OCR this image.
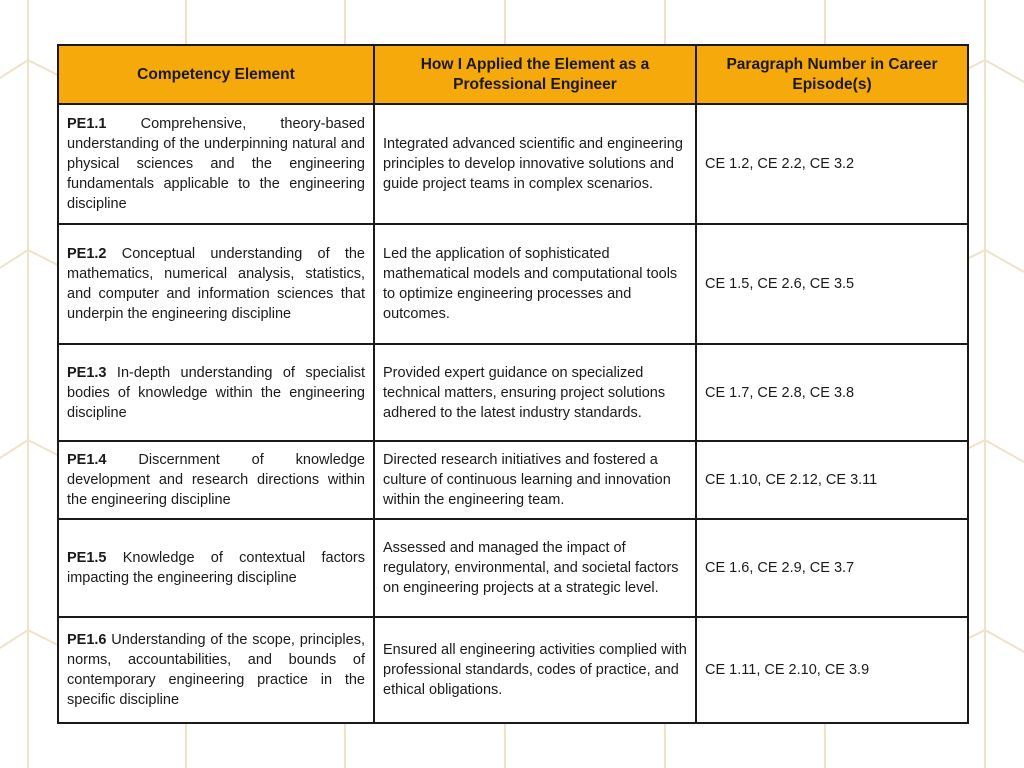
Competency Element	How I Applied the Element as a Professional Engineer	Paragraph Number in Career Episode(s)
PE1.1 Comprehensive, theory-based understanding of the underpinning natural and physical sciences and the engineering fundamentals applicable to the engineering discipline	Integrated advanced scientific and engineering principles to develop innovative solutions and guide project teams in complex scenarios.	CE 1.2, CE 2.2, CE 3.2
PE1.2 Conceptual understanding of the mathematics, numerical analysis, statistics, and computer and information sciences that underpin the engineering discipline	Led the application of sophisticated mathematical models and computational tools to optimize engineering processes and outcomes.	CE 1.5, CE 2.6, CE 3.5
PE1.3 In-depth understanding of specialist bodies of knowledge within the engineering discipline	Provided expert guidance on specialized technical matters, ensuring project solutions adhered to the latest industry standards.	CE 1.7, CE 2.8, CE 3.8
PE1.4 Discernment of knowledge development and research directions within the engineering discipline	Directed research initiatives and fostered a culture of continuous learning and innovation within the engineering team.	CE 1.10, CE 2.12, CE 3.11
PE1.5 Knowledge of contextual factors impacting the engineering discipline	Assessed and managed the impact of regulatory, environmental, and societal factors on engineering projects at a strategic level.	CE 1.6, CE 2.9, CE 3.7
PE1.6 Understanding of the scope, principles, norms, accountabilities, and bounds of contemporary engineering practice in the specific discipline	Ensured all engineering activities complied with professional standards, codes of practice, and ethical obligations.	CE 1.11, CE 2.10, CE 3.9
